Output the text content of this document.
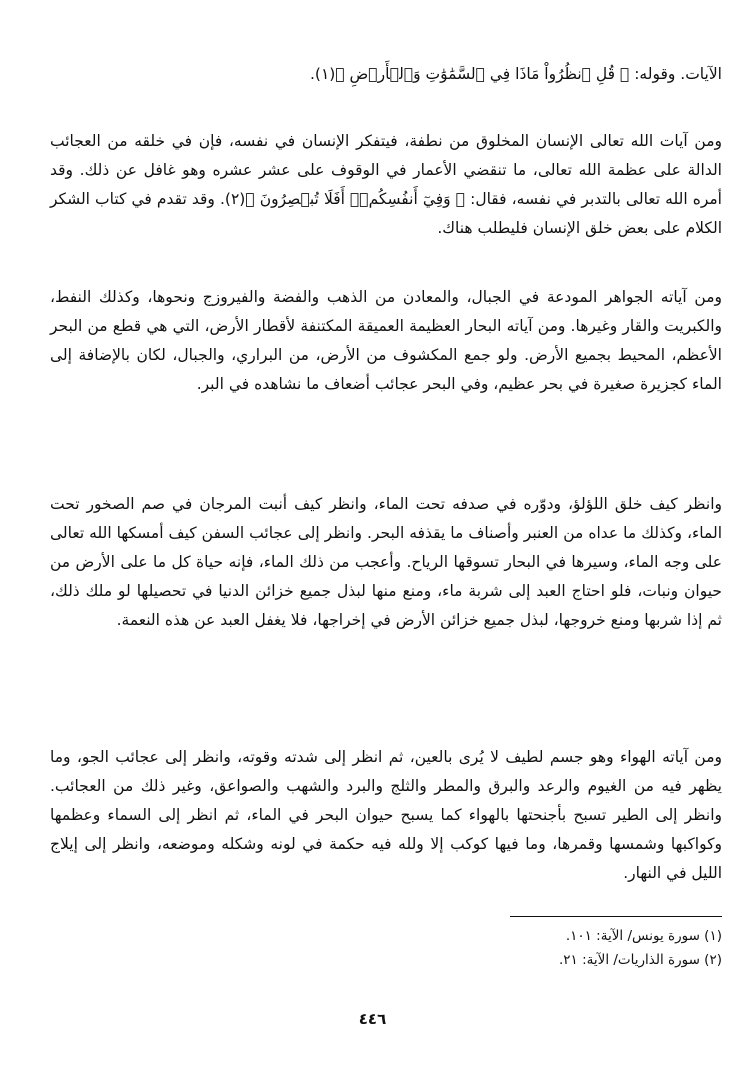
الآيات. وقوله: ﴿ قُلِ ٱنظُرُواْ مَاذَا فِي ٱلسَّمَٰوَٰتِ وَٱلۡأَرۡضِ ﴾(١).

ومن آيات الله تعالى الإنسان المخلوق من نطفة، فيتفكر الإنسان في نفسه، فإن في خلقه من العجائب الدالة على عظمة الله تعالى، ما تنقضي الأعمار في الوقوف على عشر عشره وهو غافل عن ذلك. وقد أمره الله تعالى بالتدبر في نفسه، فقال: ﴿ وَفِيٓ أَنفُسِكُمۡۚ أَفَلَا تُبۡصِرُونَ ﴾(٢). وقد تقدم في كتاب الشكر الكلام على بعض خلق الإنسان فليطلب هناك.

ومن آياته الجواهر المودعة في الجبال، والمعادن من الذهب والفضة والفيروزج ونحوها، وكذلك النفط، والكبريت والقار وغيرها. ومن آياته البحار العظيمة العميقة المكتنفة لأقطار الأرض، التي هي قطع من البحر الأعظم، المحيط بجميع الأرض. ولو جمع المكشوف من الأرض، من البراري، والجبال، لكان بالإضافة إلى الماء كجزيرة صغيرة في بحر عظيم، وفي البحر عجائب أضعاف ما نشاهده في البر.

وانظر كيف خلق اللؤلؤ، ودوّره في صدفه تحت الماء، وانظر كيف أنبت المرجان في صم الصخور تحت الماء، وكذلك ما عداه من العنبر وأصناف ما يقذفه البحر. وانظر إلى عجائب السفن كيف أمسكها الله تعالى على وجه الماء، وسيرها في البحار تسوقها الرياح. وأعجب من ذلك الماء، فإنه حياة كل ما على الأرض من حيوان ونبات، فلو احتاج العبد إلى شربة ماء، ومنع منها لبذل جميع خزائن الدنيا في تحصيلها لو ملك ذلك، ثم إذا شربها ومنع خروجها، لبذل جميع خزائن الأرض في إخراجها، فلا يغفل العبد عن هذه النعمة.

ومن آياته الهواء وهو جسم لطيف لا يُرى بالعين، ثم انظر إلى شدته وقوته، وانظر إلى عجائب الجو، وما يظهر فيه من الغيوم والرعد والبرق والمطر والثلج والبرد والشهب والصواعق، وغير ذلك من العجائب. وانظر إلى الطير تسبح بأجنحتها بالهواء كما يسبح حيوان البحر في الماء، ثم انظر إلى السماء وعظمها وكواكبها وشمسها وقمرها، وما فيها كوكب إلا ولله فيه حكمة في لونه وشكله وموضعه، وانظر إلى إيلاج الليل في النهار.

(١) سورة يونس/ الآية: ١٠١.
(٢) سورة الذاريات/ الآية: ٢١.
٤٤٦
